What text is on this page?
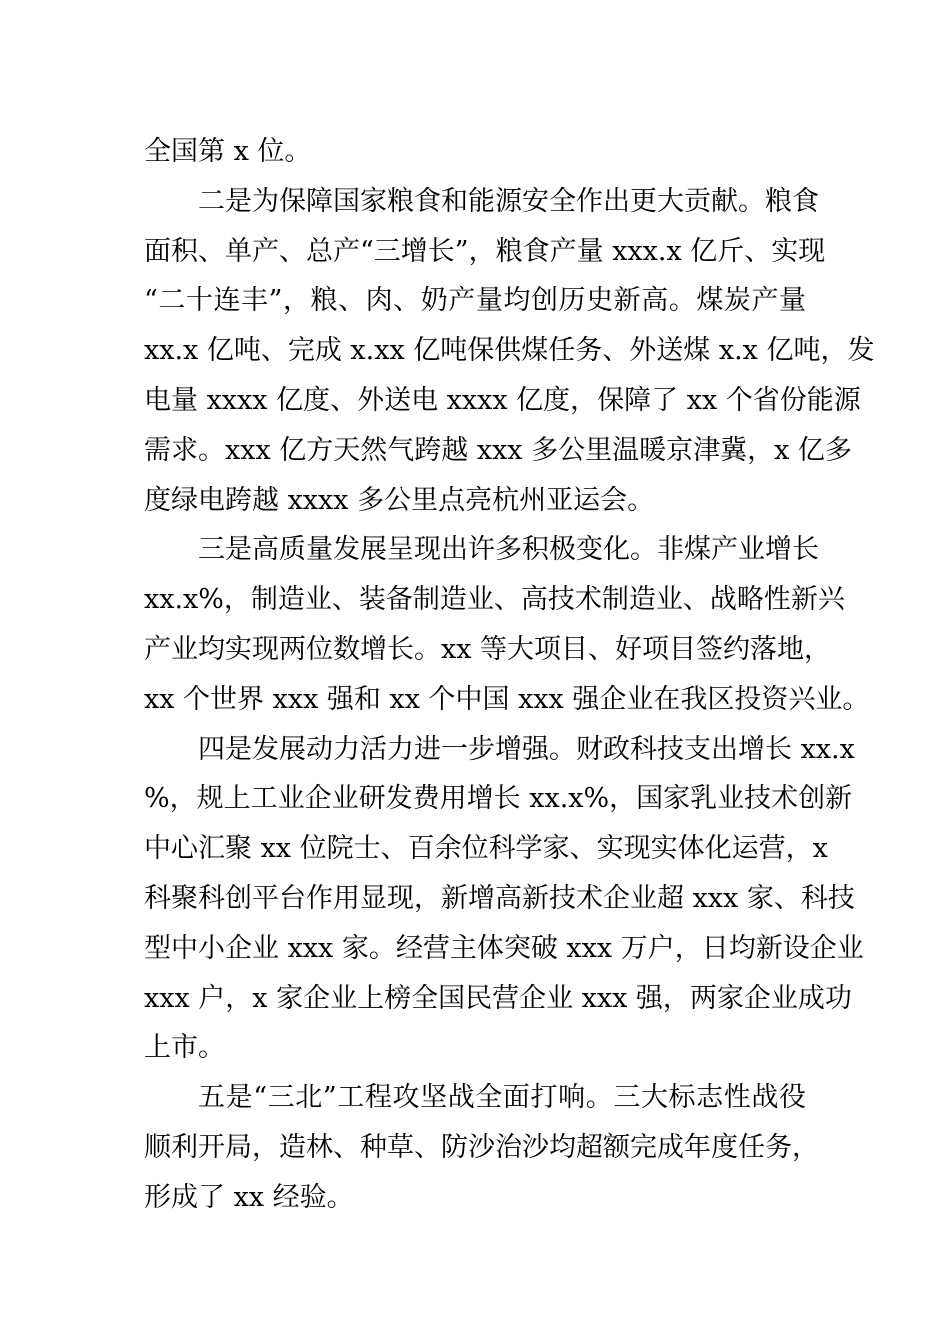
全国第 x 位。
二是为保障国家粮食和能源安全作出更大贡献。粮食
面积、单产、总产“三增长”，粮食产量 xxx.x 亿斤、实现
“二十连丰”，粮、肉、奶产量均创历史新高。煤炭产量
xx.x 亿吨、完成 x.xx 亿吨保供煤任务、外送煤 x.x 亿吨，发
电量 xxxx 亿度、外送电 xxxx 亿度，保障了 xx 个省份能源
需求。xxx 亿方天然气跨越 xxx 多公里温暖京津冀，x 亿多
度绿电跨越 xxxx 多公里点亮杭州亚运会。
三是高质量发展呈现出许多积极变化。非煤产业增长
xx.x%，制造业、装备制造业、高技术制造业、战略性新兴
产业均实现两位数增长。xx 等大项目、好项目签约落地，
xx 个世界 xxx 强和 xx 个中国 xxx 强企业在我区投资兴业。
四是发展动力活力进一步增强。财政科技支出增长 xx.x
%，规上工业企业研发费用增长 xx.x%，国家乳业技术创新
中心汇聚 xx 位院士、百余位科学家、实现实体化运营，x
科聚科创平台作用显现，新增高新技术企业超 xxx 家、科技
型中小企业 xxx 家。经营主体突破 xxx 万户，日均新设企业
xxx 户，x 家企业上榜全国民营企业 xxx 强，两家企业成功
上市。
五是“三北”工程攻坚战全面打响。三大标志性战役
顺利开局，造林、种草、防沙治沙均超额完成年度任务，
形成了 xx 经验。
